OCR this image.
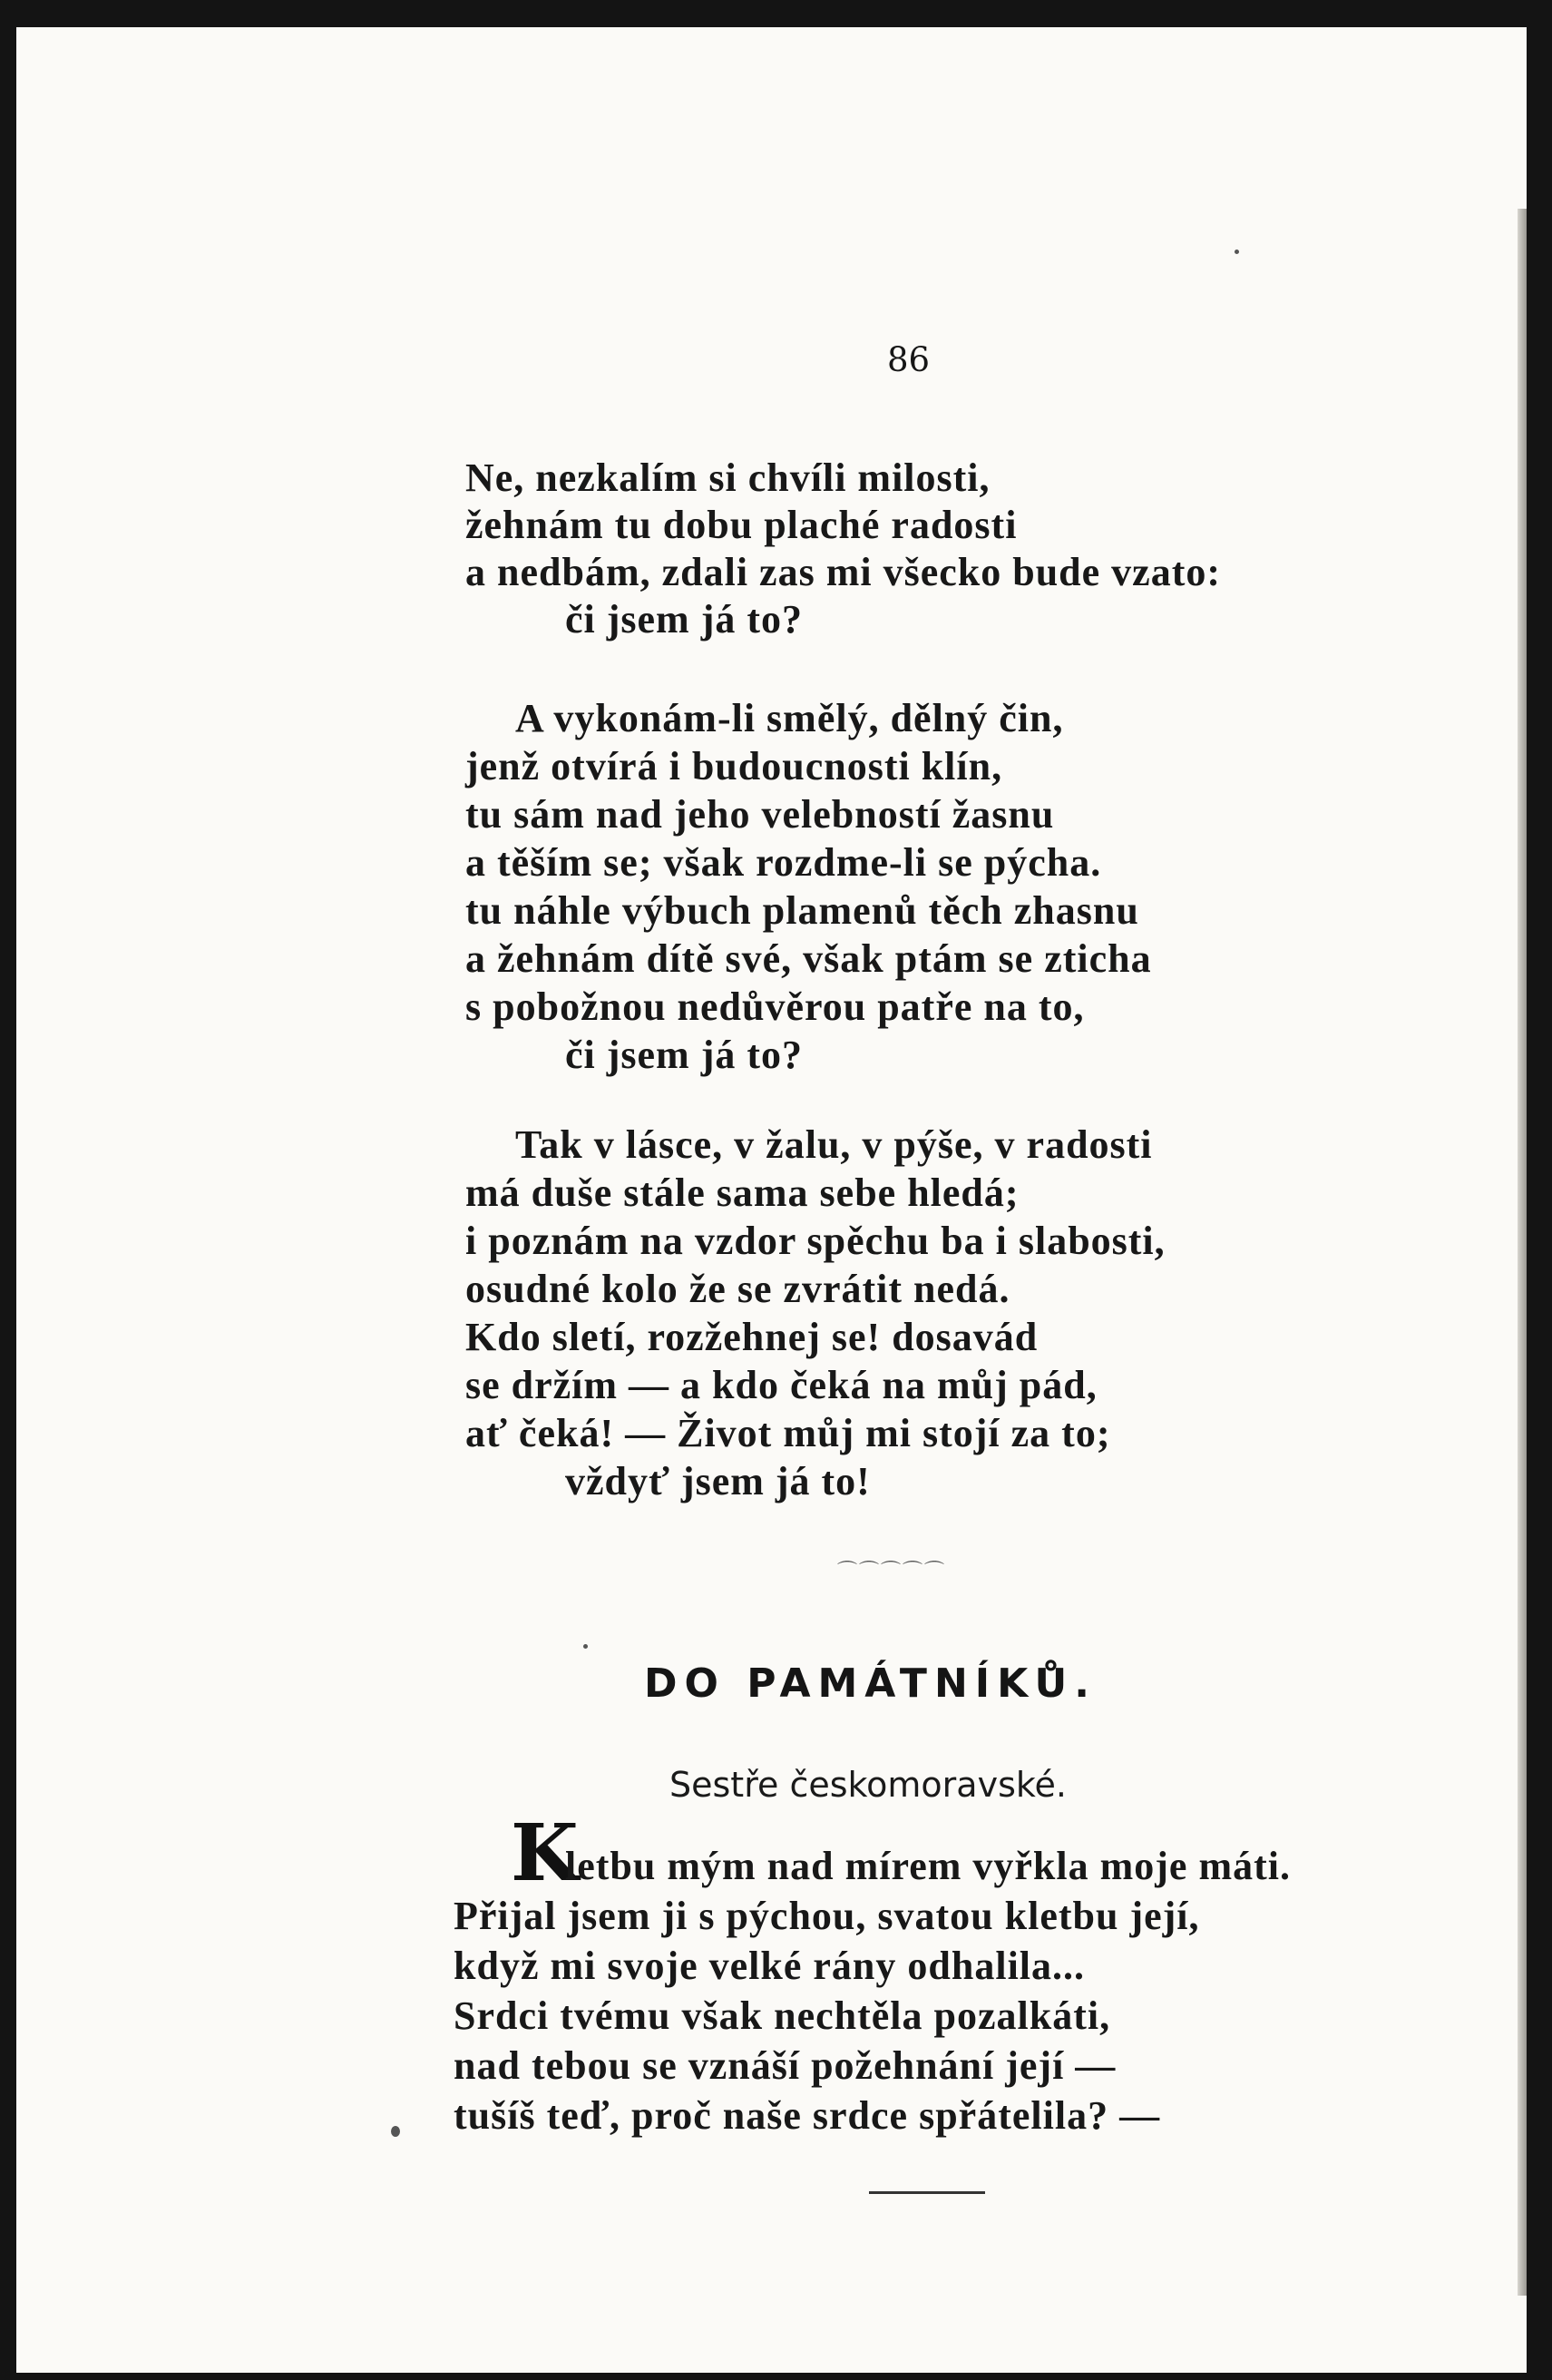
86
Ne, nezkalím si chvíli milosti,
žehnám tu dobu plaché radosti
a nedbám, zdali zas mi všecko bude vzato:
či jsem já to?
A vykonám-li smělý, dělný čin,
jenž otvírá i budoucnosti klín,
tu sám nad jeho velebností žasnu
a těším se; však rozdme-li se pýcha.
tu náhle výbuch plamenů těch zhasnu
a žehnám dítě své, však ptám se zticha
s pobožnou nedůvěrou patře na to,
či jsem já to?
Tak v lásce, v žalu, v pýše, v radosti
má duše stále sama sebe hledá;
i poznám na vzdor spěchu ba i slabosti,
osudné kolo že se zvrátit nedá.
Kdo sletí, rozžehnej se! dosavád
se držím — a kdo čeká na můj pád,
ať čeká! — Život můj mi stojí za to;
vždyť jsem já to!
⌒⌒⌒⌒⌒
DO PAMÁTNÍKŮ.
Sestře českomoravské.
K
letbu mým nad mírem vyřkla moje máti.
Přijal jsem ji s pýchou, svatou kletbu její,
když mi svoje velké rány odhalila...
Srdci tvému však nechtěla pozalkáti,
nad tebou se vznáší požehnání její —
tušíš teď, proč naše srdce spřátelila? —
